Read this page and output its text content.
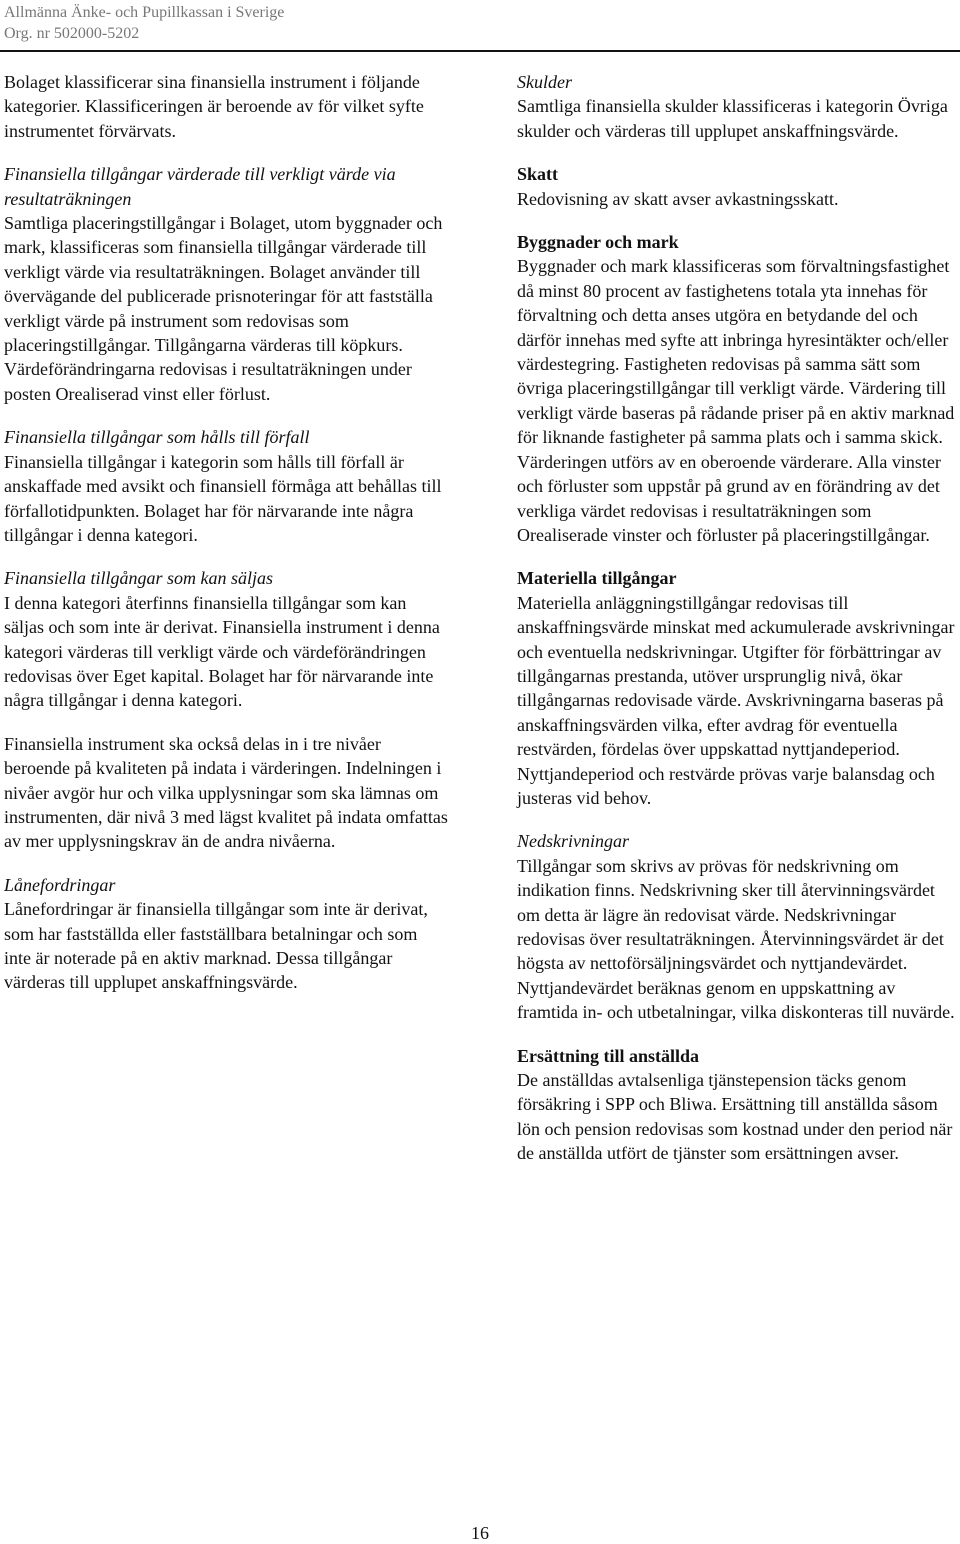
Allmänna Änke- och Pupillkassan i Sverige
Org. nr 502000-5202

Bolaget klassificerar sina finansiella instrument i följande kategorier. Klassificeringen är beroende av för vilket syfte instrumentet förvärvats.

Finansiella tillgångar värderade till verkligt värde via resultaträkningen

Samtliga placeringstillgångar i Bolaget, utom byggnader och mark, klassificeras som finansiella tillgångar värderade till verkligt värde via resultaträkningen. Bolaget använder till övervägande del publicerade prisnoteringar för att fastställa verkligt värde på instrument som redovisas som placeringstillgångar. Tillgångarna värderas till köpkurs. Värdeförändringarna redovisas i resultaträkningen under posten Orealiserad vinst eller förlust.

Finansiella tillgångar som hålls till förfall

Finansiella tillgångar i kategorin som hålls till förfall är anskaffade med avsikt och finansiell förmåga att behållas till förfallotidpunkten. Bolaget har för närvarande inte några tillgångar i denna kategori.

Finansiella tillgångar som kan säljas

I denna kategori återfinns finansiella tillgångar som kan säljas och som inte är derivat. Finansiella instrument i denna kategori värderas till verkligt värde och värdeförändringen redovisas över Eget kapital. Bolaget har för närvarande inte några tillgångar i denna kategori.

Finansiella instrument ska också delas in i tre nivåer beroende på kvaliteten på indata i värderingen. Indelningen i nivåer avgör hur och vilka upplysningar som ska lämnas om instrumenten, där nivå 3 med lägst kvalitet på indata omfattas av mer upplysningskrav än de andra nivåerna.

Lånefordringar

Lånefordringar är finansiella tillgångar som inte är derivat, som har fastställda eller fastställbara betalningar och som inte är noterade på en aktiv marknad. Dessa tillgångar värderas till upplupet anskaffningsvärde.

Skulder

Samtliga finansiella skulder klassificeras i kategorin Övriga skulder och värderas till upplupet anskaffningsvärde.

Skatt

Redovisning av skatt avser avkastningsskatt.

Byggnader och mark

Byggnader och mark klassificeras som förvaltningsfastighet då minst 80 procent av fastighetens totala yta innehas för förvaltning och detta anses utgöra en betydande del och därför innehas med syfte att inbringa hyresintäkter och/eller värdestegring. Fastigheten redovisas på samma sätt som övriga placeringstillgångar till verkligt värde. Värdering till verkligt värde baseras på rådande priser på en aktiv marknad för liknande fastigheter på samma plats och i samma skick. Värderingen utförs av en oberoende värderare. Alla vinster och förluster som uppstår på grund av en förändring av det verkliga värdet redovisas i resultaträkningen som Orealiserade vinster och förluster på placeringstillgångar.

Materiella tillgångar

Materiella anläggningstillgångar redovisas till anskaffningsvärde minskat med ackumulerade avskrivningar och eventuella nedskrivningar. Utgifter för förbättringar av tillgångarnas prestanda, utöver ursprunglig nivå, ökar tillgångarnas redovisade värde. Avskrivningarna baseras på anskaffningsvärden vilka, efter avdrag för eventuella restvärden, fördelas över uppskattad nyttjandeperiod. Nyttjandeperiod och restvärde prövas varje balansdag och justeras vid behov.

Nedskrivningar

Tillgångar som skrivs av prövas för nedskrivning om indikation finns. Nedskrivning sker till återvinningsvärdet om detta är lägre än redovisat värde. Nedskrivningar redovisas över resultaträkningen. Återvinningsvärdet är det högsta av nettoförsäljningsvärdet och nyttjandevärdet. Nyttjandevärdet beräknas genom en uppskattning av framtida in- och utbetalningar, vilka diskonteras till nuvärde.

Ersättning till anställda

De anställdas avtalsenliga tjänstepension täcks genom försäkring i SPP och Bliwa. Ersättning till anställda såsom lön och pension redovisas som kostnad under den period när de anställda utfört de tjänster som ersättningen avser.

16
